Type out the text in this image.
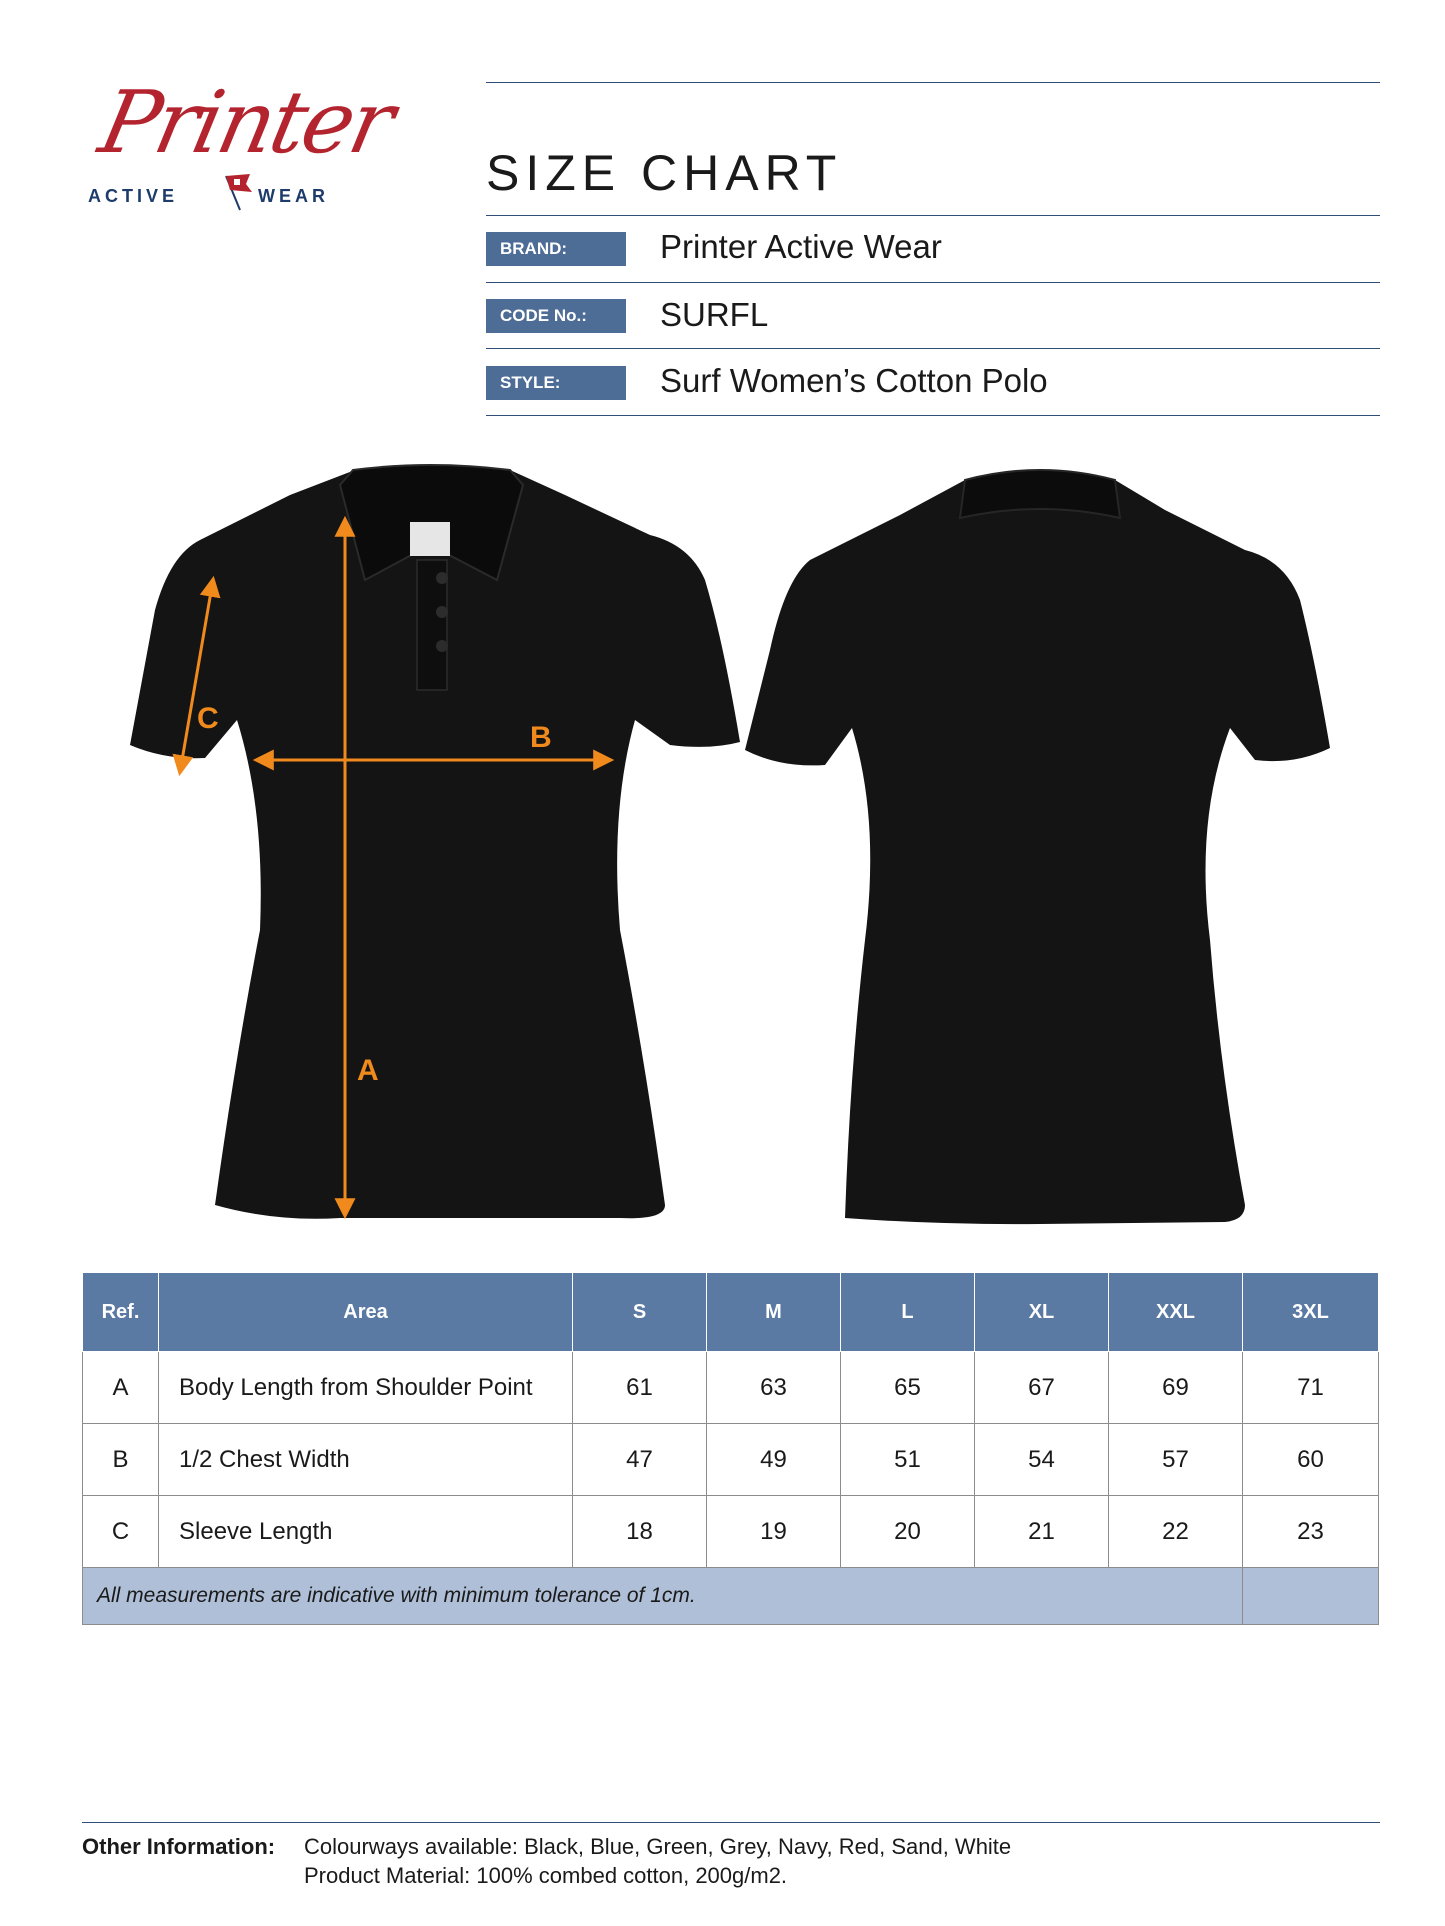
Printer
ACTIVE	WEAR	SIZE CHART
BRAND:	Printer Active Wear
CODE No.:	SURFL
STYLE:	Surf Women’s Cotton Polo
A
B
C
Ref.	Area	S	M	L	XL	XXL	3XL
A	Body Length from Shoulder Point	61	63	65	67	69	71
B	1/2 Chest Width	47	49	51	54	57	60
C	Sleeve Length	18	19	20	21	22	23
All measurements are indicative with minimum tolerance of 1cm.							
Other Information: Colourways available: Black, Blue, Green, Grey, Navy, Red, Sand, White
Product Material: 100% combed cotton, 200g/m2.
